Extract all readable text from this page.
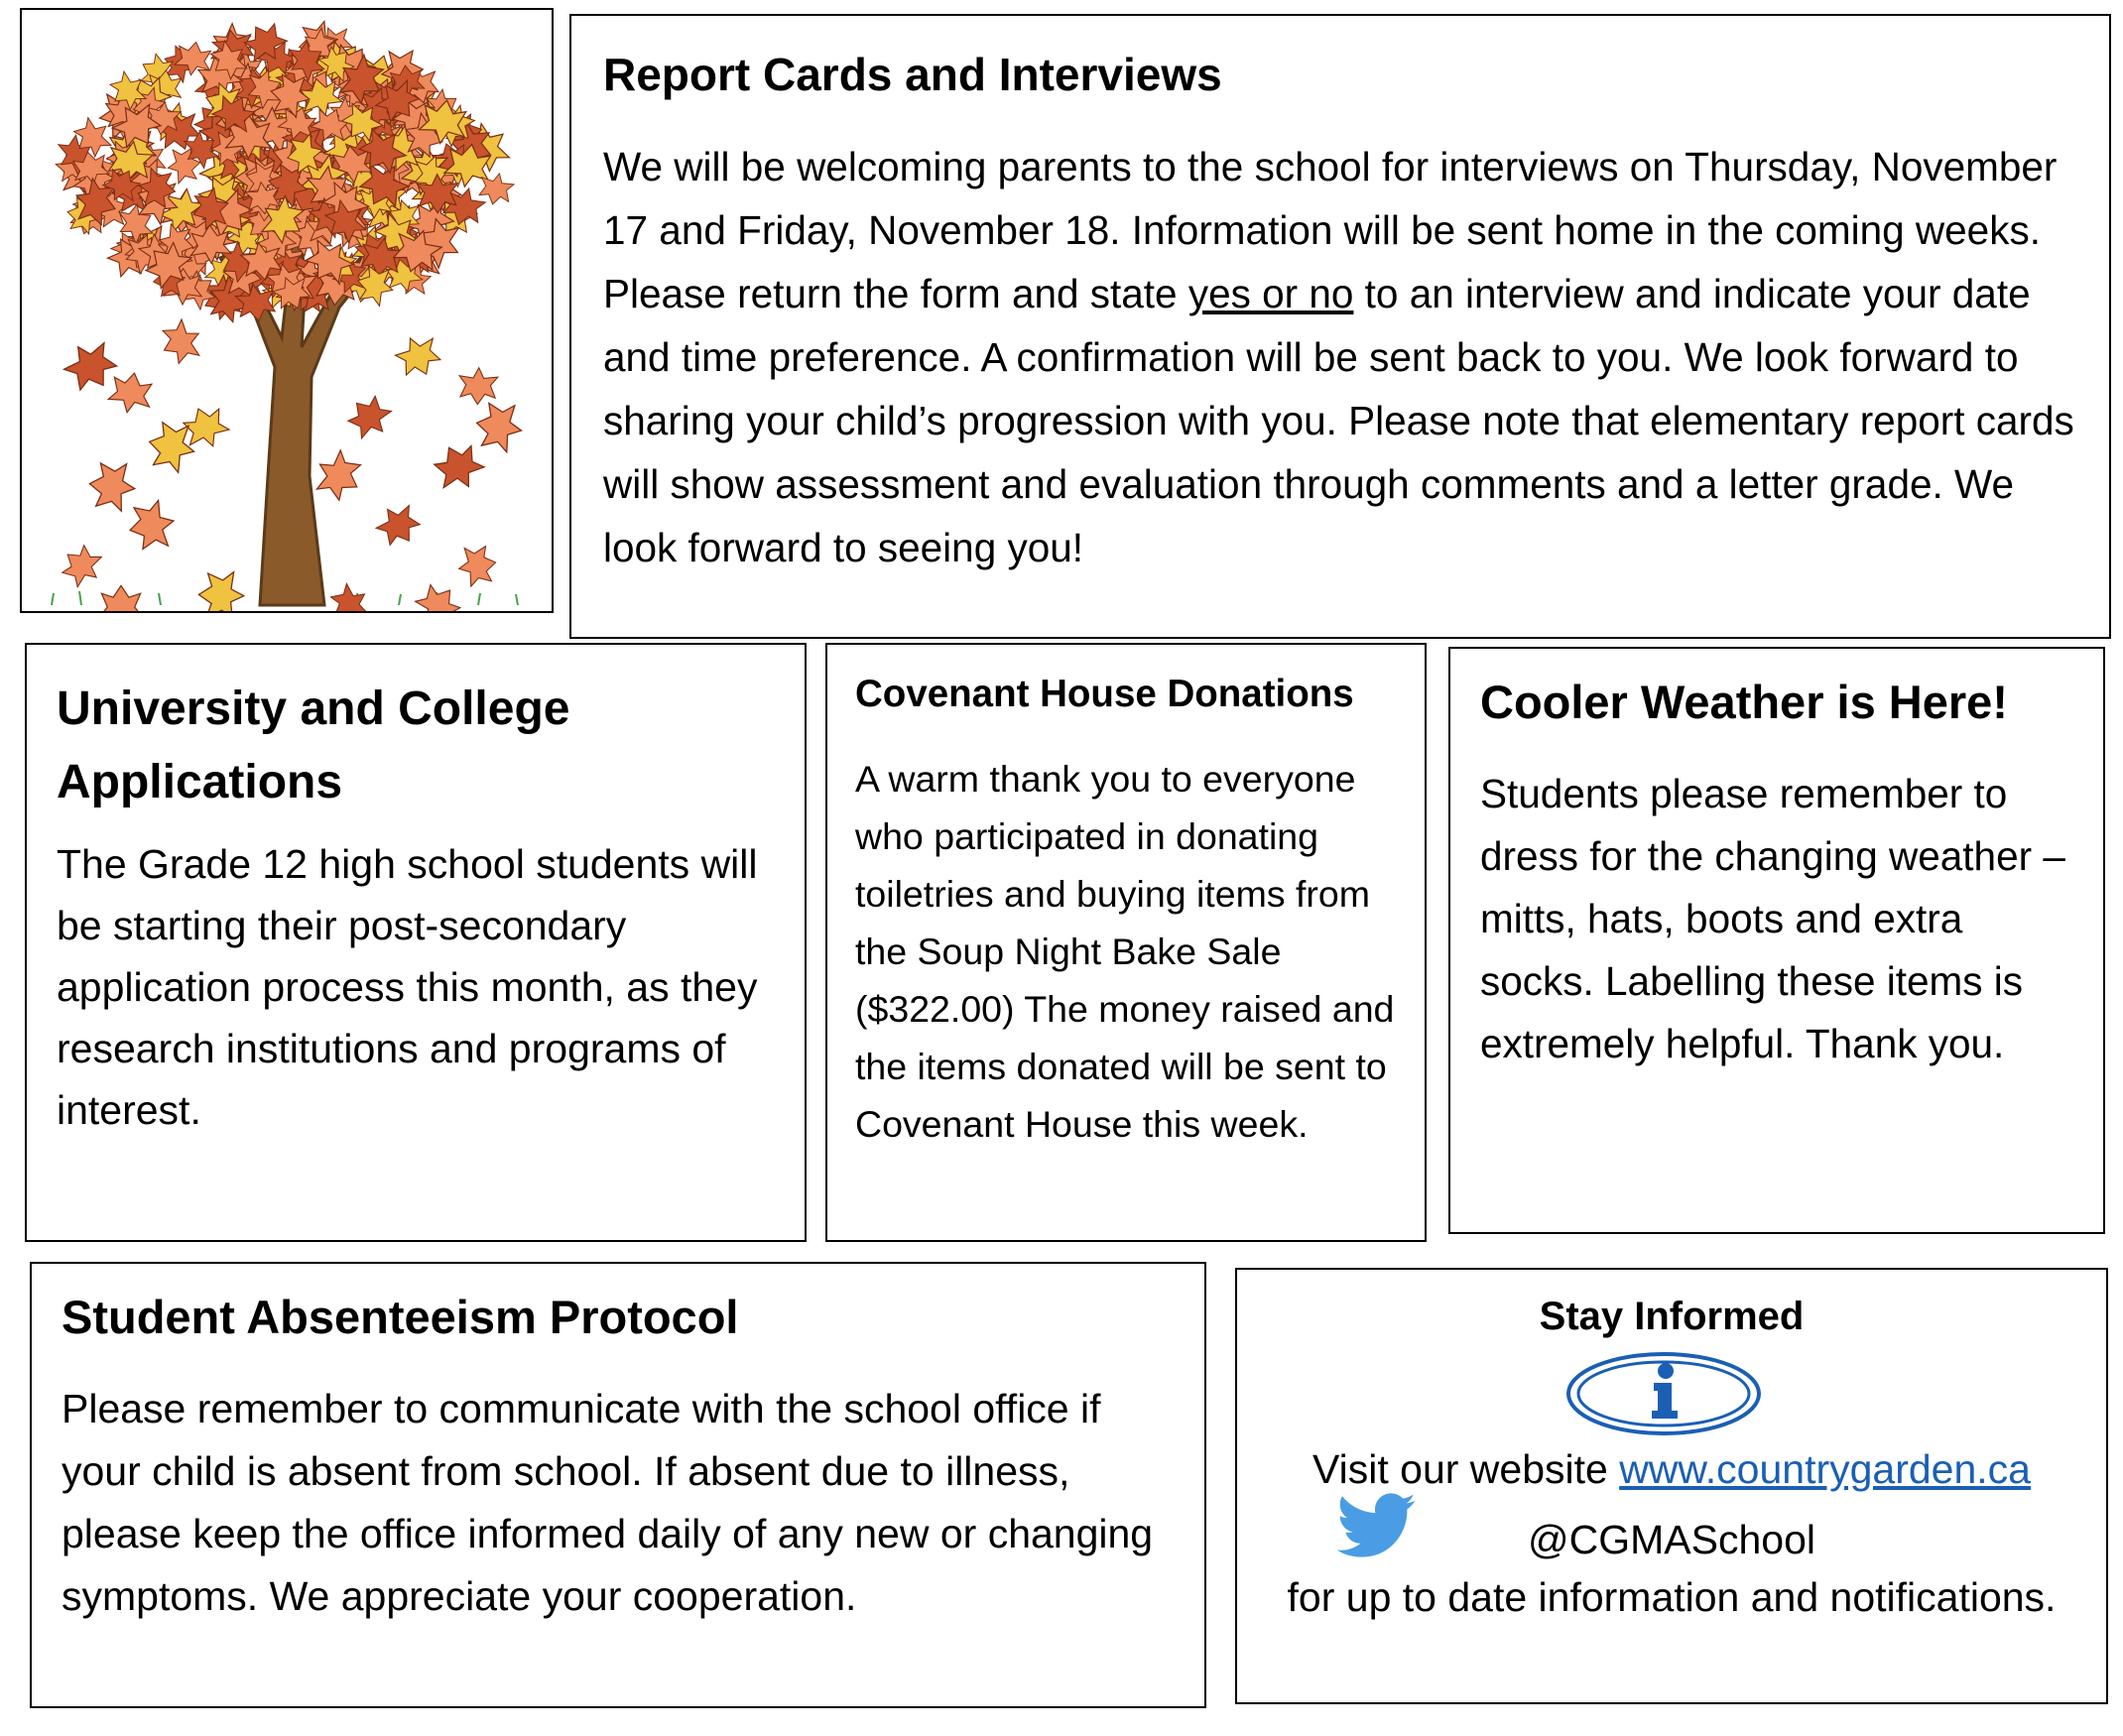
Report Cards and Interviews

We will be welcoming parents to the school for interviews on Thursday, November 17 and Friday, November 18. Information will be sent home in the coming weeks. Please return the form and state yes or no to an interview and indicate your date and time preference. A confirmation will be sent back to you. We look forward to sharing your child’s progression with you. Please note that elementary report cards will show assessment and evaluation through comments and a letter grade. We look forward to seeing you!

University and College Applications

The Grade 12 high school students will be starting their post-secondary application process this month, as they research institutions and programs of interest.

Covenant House Donations

A warm thank you to everyone who participated in donating toiletries and buying items from the Soup Night Bake Sale ($322.00) The money raised and the items donated will be sent to Covenant House this week.

Cooler Weather is Here!

Students please remember to dress for the changing weather – mitts, hats, boots and extra socks. Labelling these items is extremely helpful. Thank you.

Student Absenteeism Protocol

Please remember to communicate with the school office if your child is absent from school. If absent due to illness, please keep the office informed daily of any new or changing symptoms. We appreciate your cooperation.

Stay Informed
Visit our website www.countrygarden.ca
@CGMASchool
for up to date information and notifications.
